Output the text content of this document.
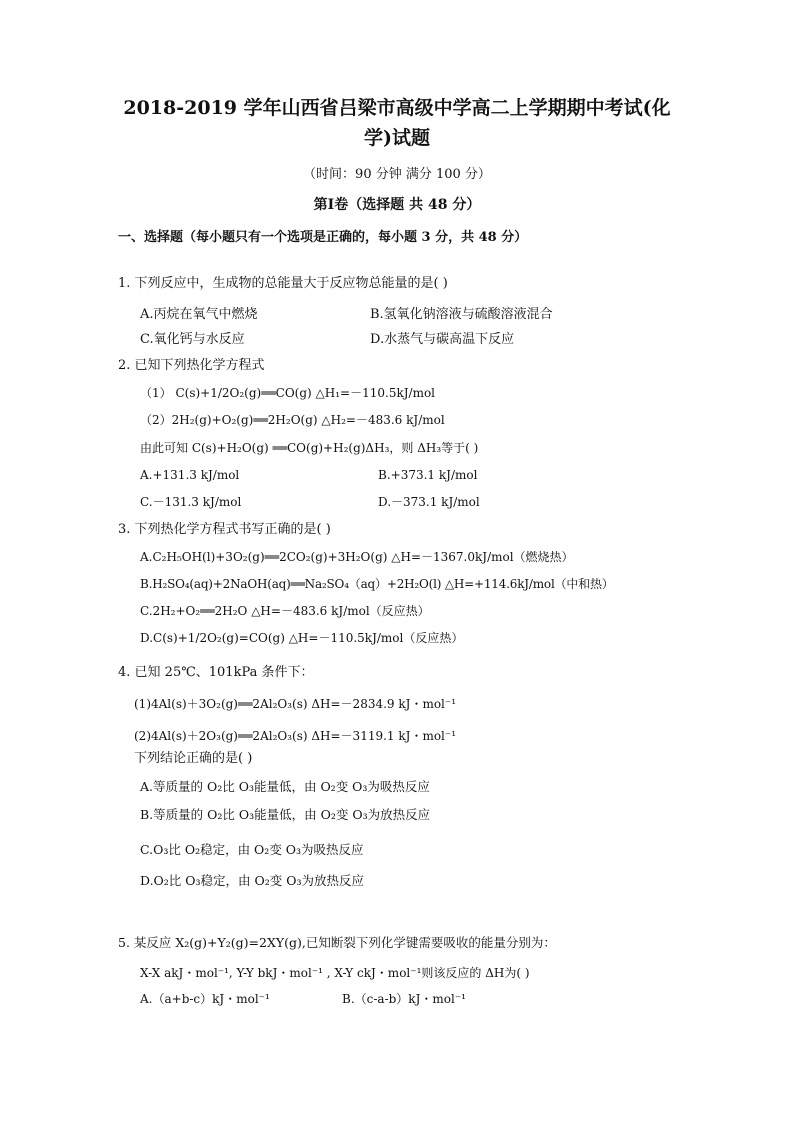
2018-2019 学年山西省吕梁市高级中学高二上学期期中考试(化
学)试题
（时间：90 分钟 满分 100 分）
第Ⅰ卷（选择题 共 48 分）
一、选择题（每小题只有一个选项是正确的，每小题 3 分，共 48 分）
1. 下列反应中，生成物的总能量大于反应物总能量的是( )
A.丙烷在氧气中燃烧	B.氢氧化钠溶液与硫酸溶液混合
C.氧化钙与水反应	D.水蒸气与碳高温下反应
2. 已知下列热化学方程式
（1） C(s)+1/2O₂(g)══CO(g) △H₁=－110.5kJ/mol
（2）2H₂(g)+O₂(g)══2H₂O(g) △H₂=－483.6 kJ/mol
由此可知 C(s)+H₂O(g) ══CO(g)+H₂(g)ΔH₃，则 ΔH₃等于( )
A.+131.3 kJ/mol	B.+373.1 kJ/mol
C.－131.3 kJ/mol	D.－373.1 kJ/mol
3. 下列热化学方程式书写正确的是( )
A.C₂H₅OH(l)+3O₂(g)══2CO₂(g)+3H₂O(g) △H=－1367.0kJ/mol（燃烧热）
B.H₂SO₄(aq)+2NaOH(aq)══Na₂SO₄（aq）+2H₂O(l) △H=+114.6kJ/mol（中和热）
C.2H₂+O₂══2H₂O △H=－483.6 kJ/mol（反应热）
D.C(s)+1/2O₂(g)=CO(g) △H=－110.5kJ/mol（反应热）
4. 已知 25℃、101kPa 条件下：
(1)4Al(s)＋3O₂(g)══2Al₂O₃(s) ΔH=－2834.9 kJ・mol⁻¹
(2)4Al(s)＋2O₃(g)══2Al₂O₃(s) ΔH=－3119.1 kJ・mol⁻¹
下列结论正确的是( )
A.等质量的 O₂比 O₃能量低，由 O₂变 O₃为吸热反应
B.等质量的 O₂比 O₃能量低，由 O₂变 O₃为放热反应
C.O₃比 O₂稳定，由 O₂变 O₃为吸热反应
D.O₂比 O₃稳定，由 O₂变 O₃为放热反应
5. 某反应 X₂(g)+Y₂(g)=2XY(g),已知断裂下列化学键需要吸收的能量分别为：
X-X akJ・mol⁻¹, Y-Y bkJ・mol⁻¹ , X-Y ckJ・mol⁻¹则该反应的 ΔH为( )
A.（a+b-c）kJ・mol⁻¹	B.（c-a-b）kJ・mol⁻¹
